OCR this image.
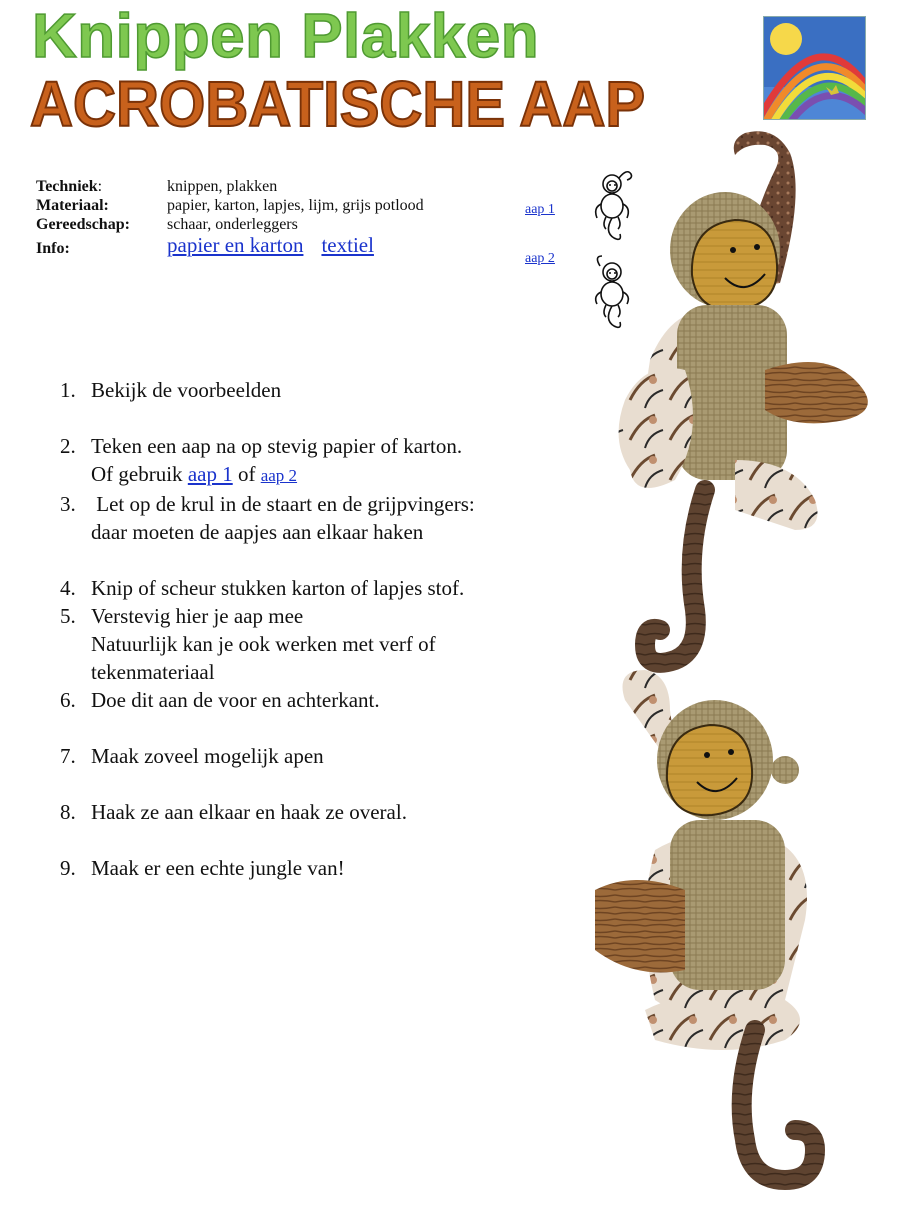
Knippen Plakken
ACROBATISCHE AAP
Techniek:	knippen, plakken
Materiaal:	papier, karton, lapjes, lijm, grijs potlood
Gereedschap: schaar, onderleggers
Info:	papier en karton textiel
aap 1
aap 2
1. Bekijk de voorbeelden
2. Teken een aap na op stevig papier of karton.
Of gebruik aap 1 of aap 2
3. Let op de krul in de staart en de grijpvingers:
daar moeten de aapjes aan elkaar haken
4. Knip of scheur stukken karton of lapjes stof.
5. Verstevig hier je aap mee
Natuurlijk kan je ook werken met verf of
tekenmateriaal
6. Doe dit aan de voor en achterkant.
7. Maak zoveel mogelijk apen
8. Haak ze aan elkaar en haak ze overal.
9. Maak er een echte jungle van!
